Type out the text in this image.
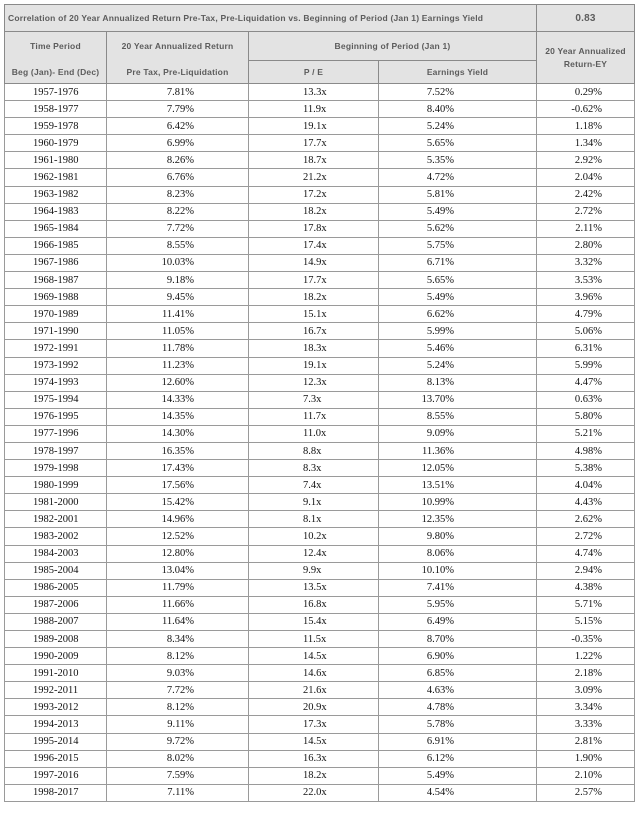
Correlation of 20 Year Annualized Return Pre-Tax, Pre-Liquidation vs. Beginning of Period (Jan 1) Earnings Yield				0.83
Time Period	20 Year Annualized Return	Beginning of Period (Jan 1)		20 Year Annualized
Return-EY

Beg (Jan)- End (Dec)	Pre Tax, Pre-Liquidation	P / E	Earnings Yield	
1957-1976	7.81%	13.3x	7.52%	0.29%
1958-1977	7.79%	11.9x	8.40%	-0.62%
1959-1978	6.42%	19.1x	5.24%	1.18%
1960-1979	6.99%	17.7x	5.65%	1.34%
1961-1980	8.26%	18.7x	5.35%	2.92%
1962-1981	6.76%	21.2x	4.72%	2.04%
1963-1982	8.23%	17.2x	5.81%	2.42%
1964-1983	8.22%	18.2x	5.49%	2.72%
1965-1984	7.72%	17.8x	5.62%	2.11%
1966-1985	8.55%	17.4x	5.75%	2.80%
1967-1986	10.03%	14.9x	6.71%	3.32%
1968-1987	9.18%	17.7x	5.65%	3.53%
1969-1988	9.45%	18.2x	5.49%	3.96%
1970-1989	11.41%	15.1x	6.62%	4.79%
1971-1990	11.05%	16.7x	5.99%	5.06%
1972-1991	11.78%	18.3x	5.46%	6.31%
1973-1992	11.23%	19.1x	5.24%	5.99%
1974-1993	12.60%	12.3x	8.13%	4.47%
1975-1994	14.33%	7.3x	13.70%	0.63%
1976-1995	14.35%	11.7x	8.55%	5.80%
1977-1996	14.30%	11.0x	9.09%	5.21%
1978-1997	16.35%	8.8x	11.36%	4.98%
1979-1998	17.43%	8.3x	12.05%	5.38%
1980-1999	17.56%	7.4x	13.51%	4.04%
1981-2000	15.42%	9.1x	10.99%	4.43%
1982-2001	14.96%	8.1x	12.35%	2.62%
1983-2002	12.52%	10.2x	9.80%	2.72%
1984-2003	12.80%	12.4x	8.06%	4.74%
1985-2004	13.04%	9.9x	10.10%	2.94%
1986-2005	11.79%	13.5x	7.41%	4.38%
1987-2006	11.66%	16.8x	5.95%	5.71%
1988-2007	11.64%	15.4x	6.49%	5.15%
1989-2008	8.34%	11.5x	8.70%	-0.35%
1990-2009	8.12%	14.5x	6.90%	1.22%
1991-2010	9.03%	14.6x	6.85%	2.18%
1992-2011	7.72%	21.6x	4.63%	3.09%
1993-2012	8.12%	20.9x	4.78%	3.34%
1994-2013	9.11%	17.3x	5.78%	3.33%
1995-2014	9.72%	14.5x	6.91%	2.81%
1996-2015	8.02%	16.3x	6.12%	1.90%
1997-2016	7.59%	18.2x	5.49%	2.10%
1998-2017	7.11%	22.0x	4.54%	2.57%
